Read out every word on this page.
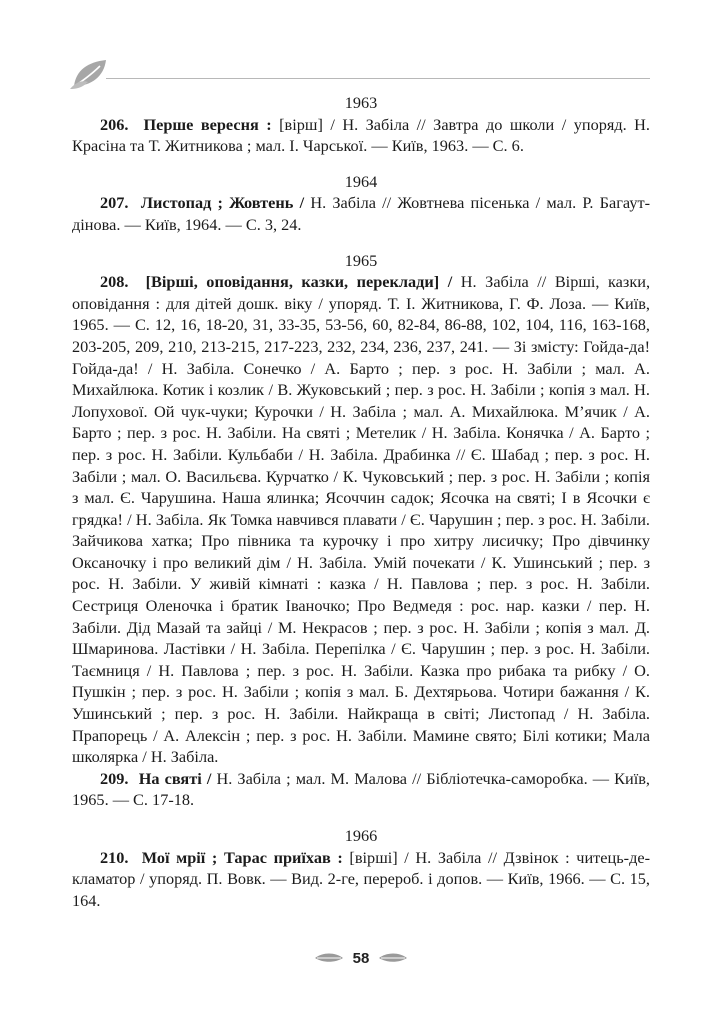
1963

206. Перше вересня : [вірш] / Н. Забіла // Завтра до школи / упоряд. Н. Красіна та Т. Житникова ; мал. І. Чарської. — Київ, 1963. — С. 6.

1964

207. Листопад ; Жовтень / Н. Забіла // Жовтнева пісенька / мал. Р. Багаутдінова. — Київ, 1964. — С. 3, 24.

1965

208. [Вірші, оповідання, казки, переклади] / Н. Забіла // Вірші, казки, оповідання : для дітей дошк. віку / упоряд. Т. І. Житникова, Г. Ф. Лоза. — Київ, 1965. — С. 12, 16, 18-20, 31, 33-35, 53-56, 60, 82-84, 86-88, 102, 104, 116, 163-168, 203-205, 209, 210, 213-215, 217-223, 232, 234, 236, 237, 241. — Зі змісту: Гойда-да! Гойда-да! / Н. Забіла. Сонечко / А. Барто ; пер. з рос. Н. Забіли ; мал. А. Михайлюка. Котик і козлик / В. Жуковський ; пер. з рос. Н. Забіли ; копія з мал. Н. Лопухової. Ой чук-чуки; Курочки / Н. Забіла ; мал. А. Михайлюка. М’ячик / А. Барто ; пер. з рос. Н. Забіли. На святі ; Метелик / Н. Забіла. Конячка / А. Барто ; пер. з рос. Н. Забіли. Кульбаби / Н. Забіла. Драбинка // Є. Шабад ; пер. з рос. Н. Забіли ; мал. О. Васильєва. Курчатко / К. Чуковський ; пер. з рос. Н. Забіли ; копія з мал. Є. Чарушина. Наша ялинка; Ясоччин садок; Ясочка на святі; І в Ясочки є грядка! / Н. Забіла. Як Томка навчився плавати / Є. Чарушин ; пер. з рос. Н. Забіли. Зайчикова хатка; Про півника та курочку і про хитру лисичку; Про дівчинку Оксаночку і про великий дім / Н. Забіла. Умій почекати / К. Ушинський ; пер. з рос. Н. Забіли. У живій кімнаті : казка / Н. Павлова ; пер. з рос. Н. Забіли. Сестриця Оленочка і братик Іваночко; Про Ведмедя : рос. нар. казки / пер. Н. Забіли. Дід Мазай та зайці / М. Некрасов ; пер. з рос. Н. Забіли ; копія з мал. Д. Шмаринова. Ластівки / Н. Забіла. Перепілка / Є. Чарушин ; пер. з рос. Н. Забіли. Таємниця / Н. Павлова ; пер. з рос. Н. Забіли. Казка про рибака та рибку / О. Пушкін ; пер. з рос. Н. Забіли ; копія з мал. Б. Дехтярьова. Чотири бажання / К. Ушинський ; пер. з рос. Н. Забіли. Найкраща в світі; Листопад / Н. Забіла. Прапорець / А. Алексін ; пер. з рос. Н. Забіли. Мамине свято; Білі котики; Мала школярка / Н. Забіла.

209. На святі / Н. Забіла ; мал. М. Малова // Бібліотечка-саморобка. — Київ, 1965. — С. 17-18.

1966

210. Мої мрії ; Тарас приїхав : [вірші] / Н. Забіла // Дзвінок : читець-декламатор / упоряд. П. Вовк. — Вид. 2-ге, перероб. і допов. — Київ, 1966. — С. 15, 164.

58
